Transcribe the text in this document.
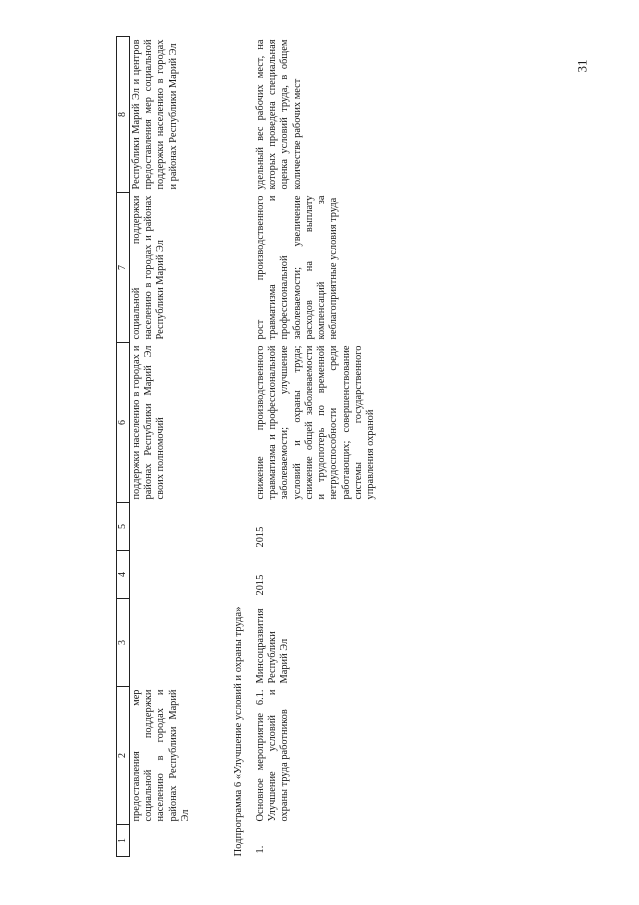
31
1	2	3	4	5	6	7	8
	предоставления мер социальной поддержки населению в городах и районах Республики Марий Эл				поддержки населению в городах и районах Республики Марий Эл своих полномочий	социальной поддержки населению в городах и районах Республики Марий Эл	Республики Марий Эл и центров предоставления мер социальной поддержки населению в городах и районах Республики Марий Эл
Подпрограмма 6 «Улучшение условий и охраны труда»							
1.	Основное мероприятие 6.1. Улучшение условий и охраны труда работников	Минсоцразвития Республики Марий Эл	2015	2015	снижение производственного травматизма и профессиональной заболеваемости; улучшение условий и охраны труда; снижение общей заболеваемости и трудопотерь по временной нетрудоспособности среди работающих; совершенствование системы государственного управления охраной	рост производственного травматизма и профессиональной заболеваемости; увеличение расходов на выплату компенсаций за неблагоприятные условия труда	удельный вес рабочих мест, на которых проведена специальная оценка условий труда, в общем количестве рабочих мест
